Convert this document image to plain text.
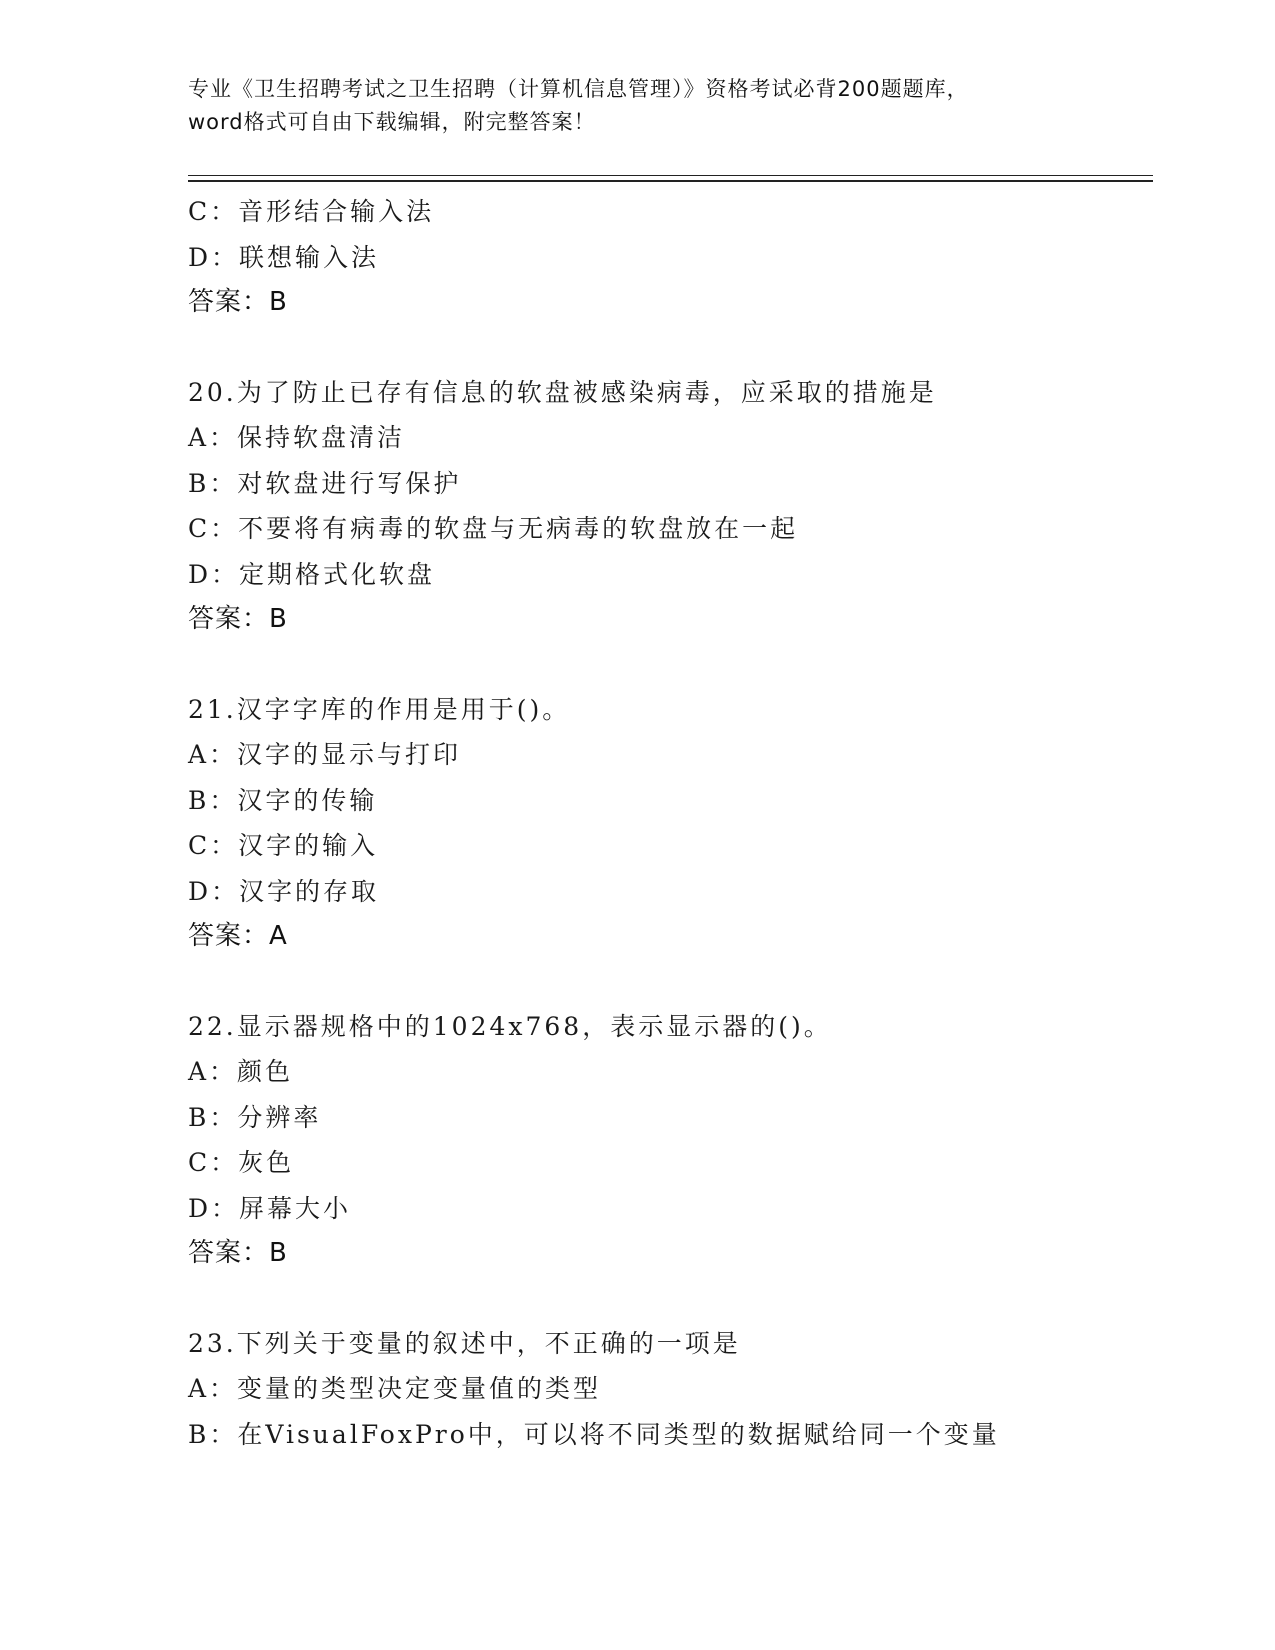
专业《卫生招聘考试之卫生招聘（计算机信息管理）》资格考试必背200题题库，
word格式可自由下载编辑，附完整答案！
C：音形结合输入法
D：联想输入法
答案：B
20.为了防止已存有信息的软盘被感染病毒，应采取的措施是
A：保持软盘清洁
B：对软盘进行写保护
C：不要将有病毒的软盘与无病毒的软盘放在一起
D：定期格式化软盘
答案：B
21.汉字字库的作用是用于()。
A：汉字的显示与打印
B：汉字的传输
C：汉字的输入
D：汉字的存取
答案：A
22.显示器规格中的1024x768，表示显示器的()。
A：颜色
B：分辨率
C：灰色
D：屏幕大小
答案：B
23.下列关于变量的叙述中，不正确的一项是
A：变量的类型决定变量值的类型
B：在VisualFoxPro中，可以将不同类型的数据赋给同一个变量
